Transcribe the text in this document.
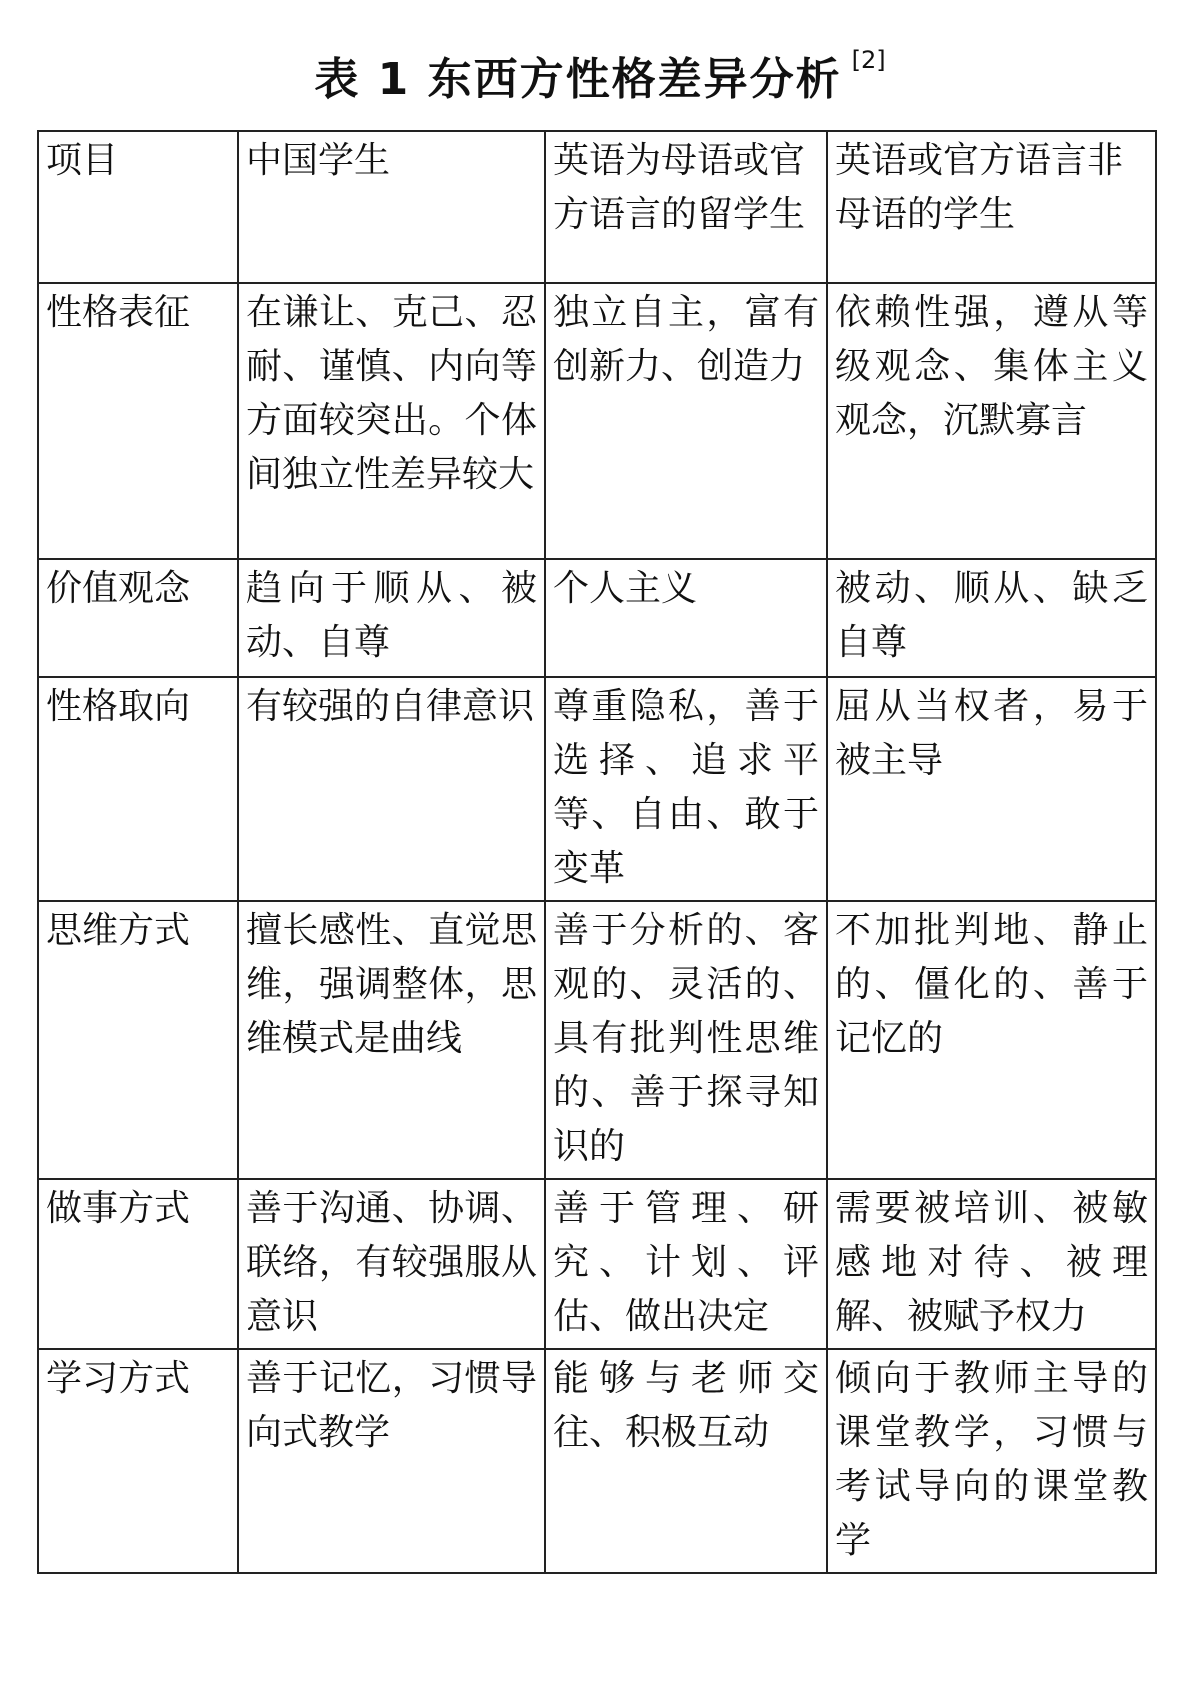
表 1 东西方性格差异分析 [2]
项目	中国学生	英语为母语或官方语言的留学生	英语或官方语言非母语的学生
性格表征	在谦让、克己、忍耐、谨慎、内向等方面较突出。个体间独立性差异较大	独立自主，富有创新力、创造力	依赖性强，遵从等级观念、集体主义观念，沉默寡言
价值观念	趋向于顺从、被动、自尊	个人主义	被动、顺从、缺乏自尊
性格取向	有较强的自律意识	尊重隐私，善于选择、追求平等、自由、敢于变革	屈从当权者，易于被主导
思维方式	擅长感性、直觉思维，强调整体，思维模式是曲线	善于分析的、客观的、灵活的、具有批判性思维的、善于探寻知识的	不加批判地、静止的、僵化的、善于记忆的
做事方式	善于沟通、协调、联络，有较强服从意识	善于管理、研究、计划、评估、做出决定	需要被培训、被敏感地对待、被理解、被赋予权力
学习方式	善于记忆，习惯导向式教学	能够与老师交往、积极互动	倾向于教师主导的课堂教学，习惯与考试导向的课堂教学
